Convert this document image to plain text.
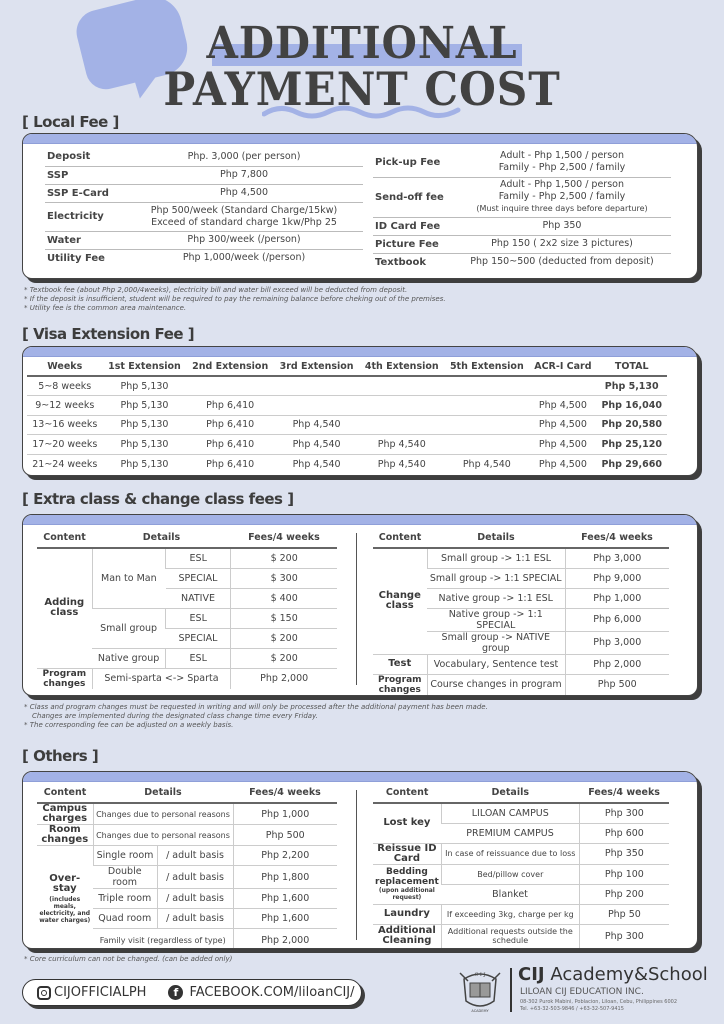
ADDITIONAL
PAYMENT COST
[ Local Fee ]
Deposit	Php. 3,000 (per person)

SSP	Php 7,800

SSP E-Card	Php 4,500

Electricity	Php 500/week (Standard Charge/15kw)
Exceed of standard charge 1kw/Php 25

Water	Php 300/week (/person)

Utility Fee	Php 1,000/week (/person)
Pick-up Fee	Adult - Php 1,500 / person
Family - Php 2,500 / family

Send-off fee	Adult - Php 1,500 / person
Family - Php 2,500 / family
(Must inquire three days before departure)

ID Card Fee	Php 350

Picture Fee	Php 150 ( 2x2 size 3 pictures)

Textbook	Php 150~500 (deducted from deposit)
* Textbook fee (about Php 2,000/4weeks), electricity bill and water bill exceed will be deducted from deposit.
* If the deposit is insufficient, student will be required to pay the remaining balance before cheking out of the premises.
* Utility fee is the common area maintenance.
[ Visa Extension Fee ]
Weeks	1st Extension	2nd Extension	3rd Extension	4th Extension	5th Extension	ACR-I Card	TOTAL
5~8 weeks	Php 5,130						Php 5,130
9~12 weeks	Php 5,130	Php 6,410				Php 4,500	Php 16,040
13~16 weeks	Php 5,130	Php 6,410	Php 4,540			Php 4,500	Php 20,580
17~20 weeks	Php 5,130	Php 6,410	Php 4,540	Php 4,540		Php 4,500	Php 25,120
21~24 weeks	Php 5,130	Php 6,410	Php 4,540	Php 4,540	Php 4,540	Php 4,500	Php 29,660
[ Extra class & change class fees ]
Content	Details		Fees/4 weeks
Adding class	Man to Man	ESL	$ 200
		SPECIAL	$ 300
		NATIVE	$ 400
	Small group	ESL	$ 150
		SPECIAL	$ 200
	Native group	ESL	$ 200
Program changes	Semi-sparta <-> Sparta		Php 2,000
Content	Details	Fees/4 weeks
Change class	Small group -> 1:1 ESL	Php 3,000
	Small group -> 1:1 SPECIAL	Php 9,000
	Native group -> 1:1 ESL	Php 1,000
	Native group -> 1:1 SPECIAL	Php 6,000
	Small group -> NATIVE group	Php 3,000
Test	Vocabulary, Sentence test	Php 2,000
Program changes	Course changes in program	Php 500
* Class and program changes must be requested in writing and will only be processed after the additional payment has been made.
Changes are implemented during the designated class change time every Friday.
* The corresponding fee can be adjusted on a weekly basis.
[ Others ]
Content	Details		Fees/4 weeks
Campus charges	Changes due to personal reasons		Php 1,000
Room changes	Changes due to personal reasons		Php 500

Over-stay
(includes meals, electricity, and water charges)	Single room	/ adult basis	Php 2,200
	Double room	/ adult basis	Php 1,800
	Triple room	/ adult basis	Php 1,600
	Quad room	/ adult basis	Php 1,600
	Family visit (regardless of type)		Php 2,000
Content	Details	Fees/4 weeks
Lost key	LILOAN CAMPUS	Php 300
	PREMIUM CAMPUS	Php 600
Reissue ID Card	In case of reissuance due to loss	Php 350

Bedding replacement
(upon additional request)	Bed/pillow cover	Php 100
	Blanket	Php 200
Laundry	If exceeding 3kg, charge per kg	Php 50
Additional Cleaning	Additional requests outside the schedule	Php 300
* Core curriculum can not be changed. (can be added only)
CIJOFFICIALPH	f FACEBOOK.COM/liloanCIJ/
C I J
ACADEMY
CIJ Academy&School
LILOAN CIJ EDUCATION INC.
08-302 Purok Mabini, Poblacion, Liloan, Cebu, Philippines 6002
Tel. +63-32-503-9846 / +63-32-507-9415
